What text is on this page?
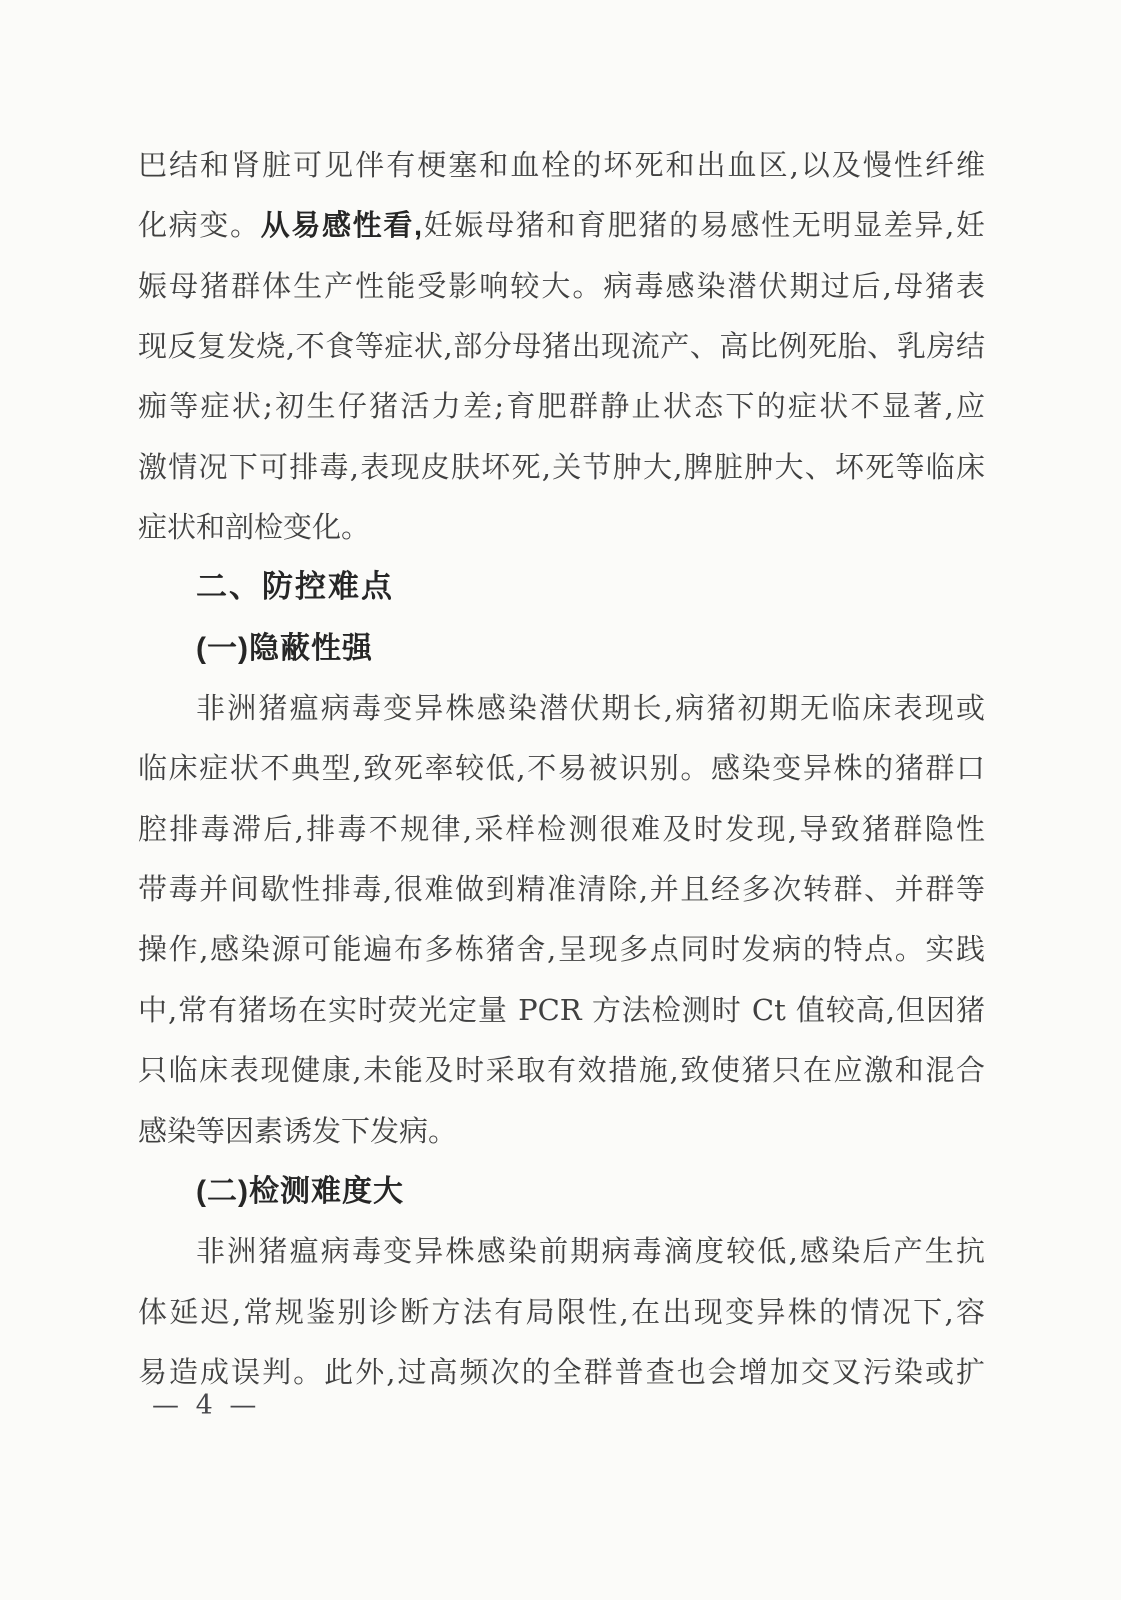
巴结和肾脏可见伴有梗塞和血栓的坏死和出血区,以及慢性纤维
化病变。从易感性看,妊娠母猪和育肥猪的易感性无明显差异,妊
娠母猪群体生产性能受影响较大。病毒感染潜伏期过后,母猪表
现反复发烧,不食等症状,部分母猪出现流产、高比例死胎、乳房结
痂等症状;初生仔猪活力差;育肥群静止状态下的症状不显著,应
激情况下可排毒,表现皮肤坏死,关节肿大,脾脏肿大、坏死等临床
症状和剖检变化。
二、防控难点
(一)隐蔽性强
非洲猪瘟病毒变异株感染潜伏期长,病猪初期无临床表现或
临床症状不典型,致死率较低,不易被识别。感染变异株的猪群口
腔排毒滞后,排毒不规律,采样检测很难及时发现,导致猪群隐性
带毒并间歇性排毒,很难做到精准清除,并且经多次转群、并群等
操作,感染源可能遍布多栋猪舍,呈现多点同时发病的特点。实践
中,常有猪场在实时荧光定量 PCR 方法检测时 Ct 值较高,但因猪
只临床表现健康,未能及时采取有效措施,致使猪只在应激和混合
感染等因素诱发下发病。
(二)检测难度大
非洲猪瘟病毒变异株感染前期病毒滴度较低,感染后产生抗
体延迟,常规鉴别诊断方法有局限性,在出现变异株的情况下,容
易造成误判。此外,过高频次的全群普查也会增加交叉污染或扩
— 4 —
